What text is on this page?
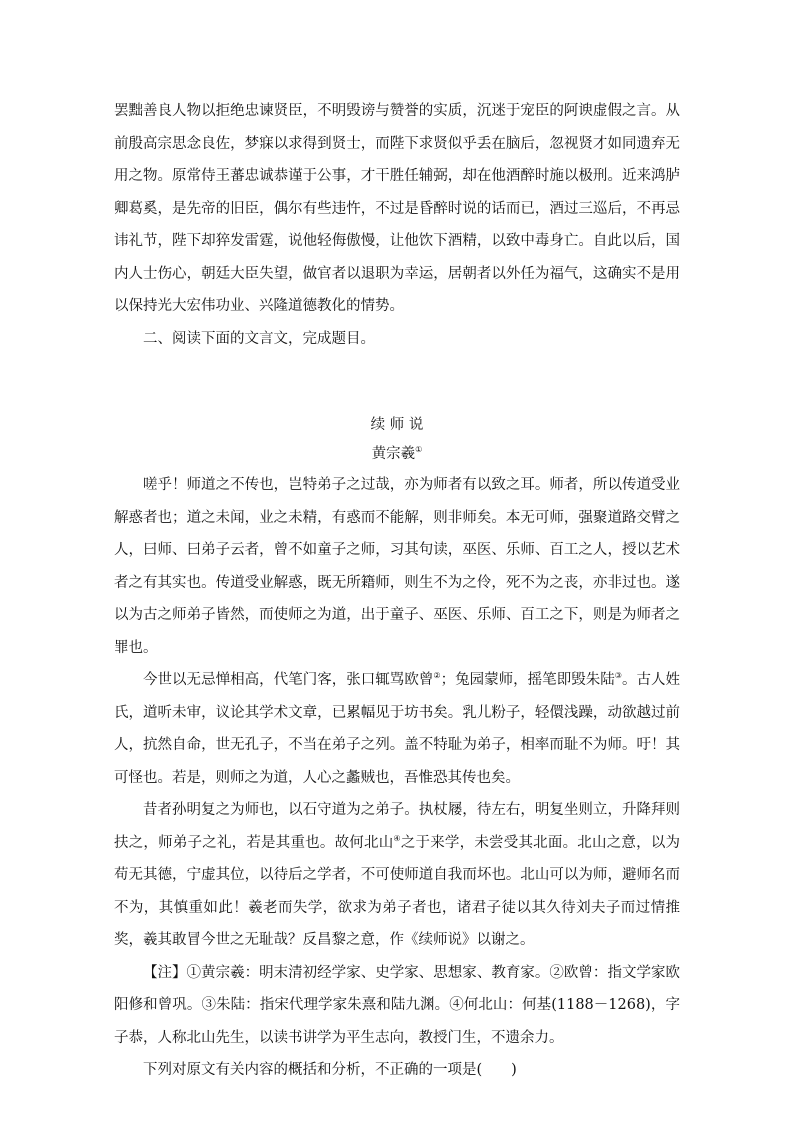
罢黜善良人物以拒绝忠谏贤臣，不明毁谤与赞誉的实质，沉迷于宠臣的阿谀虚假之言。从前殷高宗思念良佐，梦寐以求得到贤士，而陛下求贤似乎丢在脑后，忽视贤才如同遗弃无用之物。原常侍王蕃忠诚恭谨于公事，才干胜任辅弼，却在他酒醉时施以极刑。近来鸿胪卿葛奚，是先帝的旧臣，偶尔有些违忤，不过是昏醉时说的话而已，酒过三巡后，不再忌讳礼节，陛下却猝发雷霆，说他轻侮傲慢，让他饮下酒精，以致中毒身亡。自此以后，国内人士伤心，朝廷大臣失望，做官者以退职为幸运，居朝者以外任为福气，这确实不是用以保持光大宏伟功业、兴隆道德教化的情势。

二、阅读下面的文言文，完成题目。

续 师 说
黄宗羲①

嗟乎！师道之不传也，岂特弟子之过哉，亦为师者有以致之耳。师者，所以传道受业解惑者也；道之未闻，业之未精，有惑而不能解，则非师矣。本无可师，强聚道路交臂之人，曰师、曰弟子云者，曾不如童子之师，习其句读，巫医、乐师、百工之人，授以艺术者之有其实也。传道受业解惑，既无所籍师，则生不为之伶，死不为之丧，亦非过也。遂以为古之师弟子皆然，而使师之为道，出于童子、巫医、乐师、百工之下，则是为师者之罪也。

今世以无忌惮相高，代笔门客，张口辄骂欧曾②；兔园蒙师，摇笔即毁朱陆③。古人姓氏，道听未审，议论其学术文章，已累幅见于坊书矣。乳儿粉子，轻儇浅躁，动欲越过前人，抗然自命，世无孔子，不当在弟子之列。盖不特耻为弟子，相率而耻不为师。吁！其可怪也。若是，则师之为道，人心之蠡贼也，吾惟恐其传也矣。

昔者孙明复之为师也，以石守道为之弟子。执杖屦，待左右，明复坐则立，升降拜则扶之，师弟子之礼，若是其重也。故何北山④之于来学，未尝受其北面。北山之意，以为苟无其德，宁虚其位，以待后之学者，不可使师道自我而坏也。北山可以为师，避师名而不为，其慎重如此！羲老而失学，欲求为弟子者也，诸君子徒以其久待刘夫子而过情推奖，羲其敢冒今世之无耻哉？反昌黎之意，作《续师说》以谢之。

【注】①黄宗羲：明末清初经学家、史学家、思想家、教育家。②欧曾：指文学家欧阳修和曾巩。③朱陆：指宋代理学家朱熹和陆九渊。④何北山：何基(1188－1268)，字子恭，人称北山先生，以读书讲学为平生志向，教授门生，不遗余力。

下列对原文有关内容的概括和分析，不正确的一项是(　　)
